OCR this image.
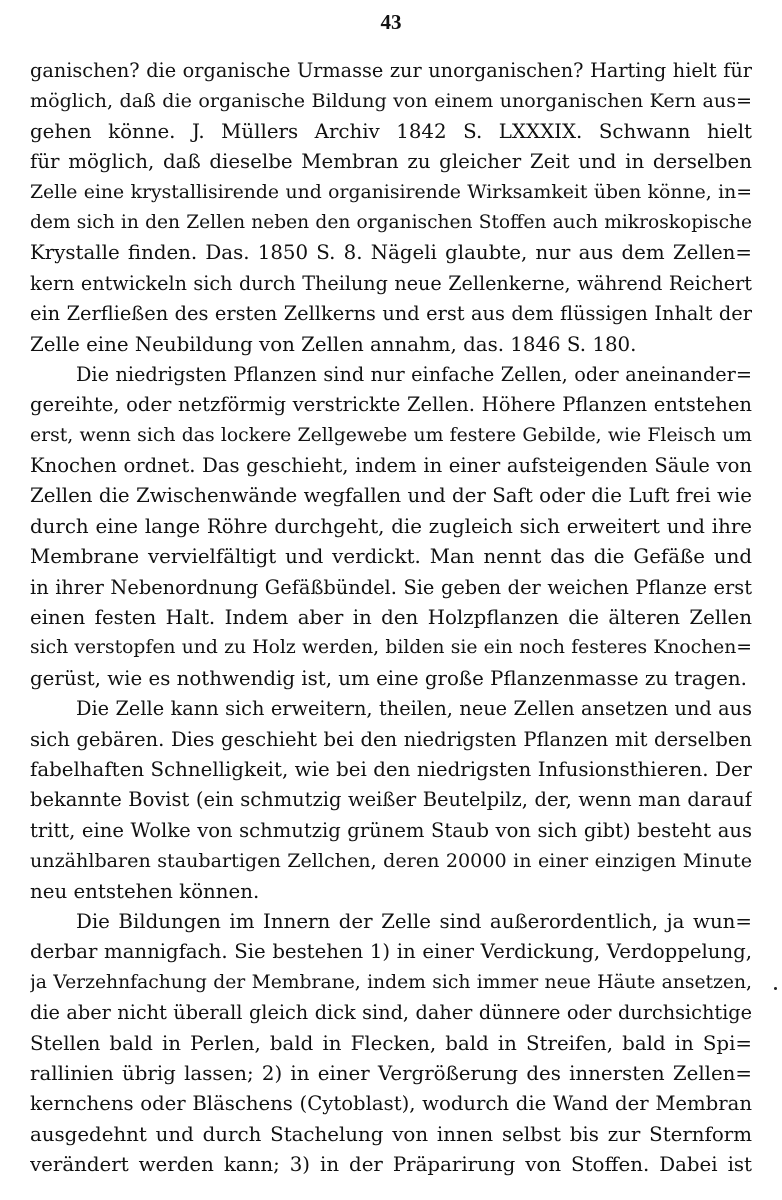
43
ganischen? die organische Urmasse zur unorganischen? Harting hielt für
möglich, daß die organische Bildung von einem unorganischen Kern aus=
gehen könne. J. Müllers Archiv 1842 S. LXXXIX. Schwann hielt
für möglich, daß dieselbe Membran zu gleicher Zeit und in derselben
Zelle eine krystallisirende und organisirende Wirksamkeit üben könne, in=
dem sich in den Zellen neben den organischen Stoffen auch mikroskopische
Krystalle finden. Das. 1850 S. 8. Nägeli glaubte, nur aus dem Zellen=
kern entwickeln sich durch Theilung neue Zellenkerne, während Reichert
ein Zerfließen des ersten Zellkerns und erst aus dem flüssigen Inhalt der
Zelle eine Neubildung von Zellen annahm, das. 1846 S. 180.
Die niedrigsten Pflanzen sind nur einfache Zellen, oder aneinander=
gereihte, oder netzförmig verstrickte Zellen. Höhere Pflanzen entstehen
erst, wenn sich das lockere Zellgewebe um festere Gebilde, wie Fleisch um
Knochen ordnet. Das geschieht, indem in einer aufsteigenden Säule von
Zellen die Zwischenwände wegfallen und der Saft oder die Luft frei wie
durch eine lange Röhre durchgeht, die zugleich sich erweitert und ihre
Membrane vervielfältigt und verdickt. Man nennt das die Gefäße und
in ihrer Nebenordnung Gefäßbündel. Sie geben der weichen Pflanze erst
einen festen Halt. Indem aber in den Holzpflanzen die älteren Zellen
sich verstopfen und zu Holz werden, bilden sie ein noch festeres Knochen=
gerüst, wie es nothwendig ist, um eine große Pflanzenmasse zu tragen.
Die Zelle kann sich erweitern, theilen, neue Zellen ansetzen und aus
sich gebären. Dies geschieht bei den niedrigsten Pflanzen mit derselben
fabelhaften Schnelligkeit, wie bei den niedrigsten Infusionsthieren. Der
bekannte Bovist (ein schmutzig weißer Beutelpilz, der, wenn man darauf
tritt, eine Wolke von schmutzig grünem Staub von sich gibt) besteht aus
unzählbaren staubartigen Zellchen, deren 20000 in einer einzigen Minute
neu entstehen können.
Die Bildungen im Innern der Zelle sind außerordentlich, ja wun=
derbar mannigfach. Sie bestehen 1) in einer Verdickung, Verdoppelung,
ja Verzehnfachung der Membrane, indem sich immer neue Häute ansetzen,
die aber nicht überall gleich dick sind, daher dünnere oder durchsichtige
Stellen bald in Perlen, bald in Flecken, bald in Streifen, bald in Spi=
rallinien übrig lassen; 2) in einer Vergrößerung des innersten Zellen=
kernchens oder Bläschens (Cytoblast), wodurch die Wand der Membran
ausgedehnt und durch Stachelung von innen selbst bis zur Sternform
verändert werden kann; 3) in der Präparirung von Stoffen. Dabei ist
